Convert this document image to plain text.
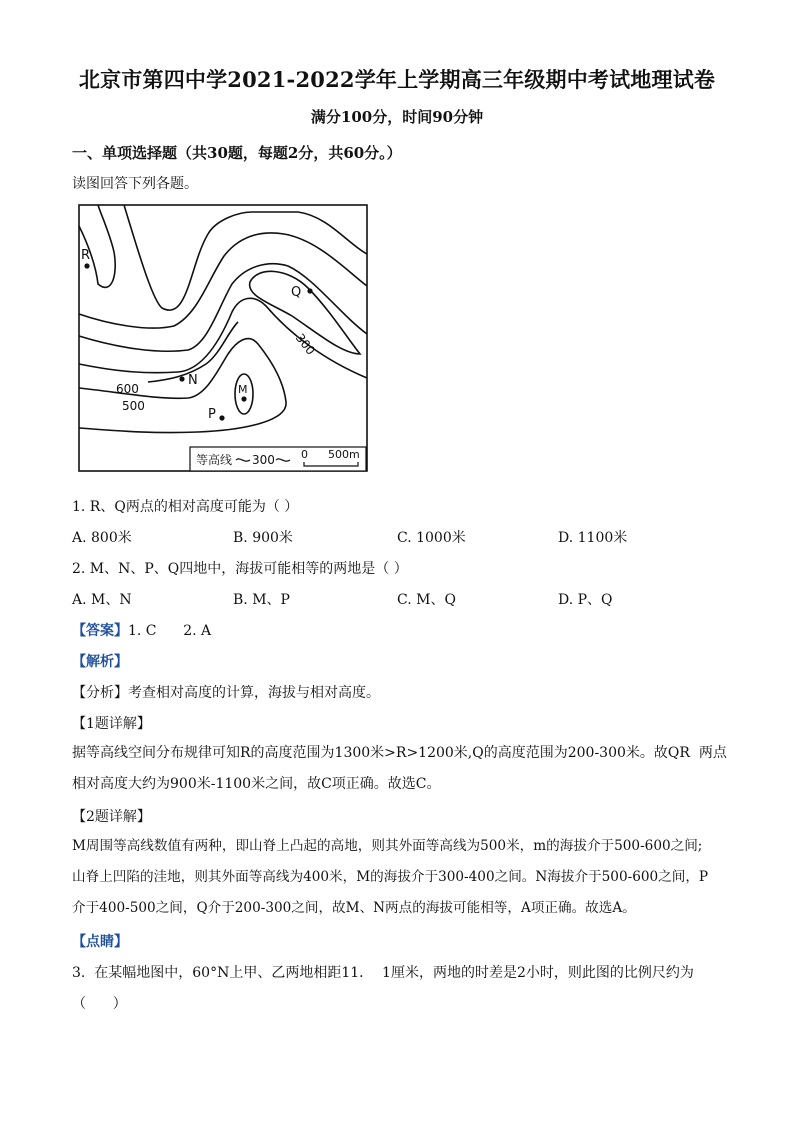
北京市第四中学2021-2022学年上学期高三年级期中考试地理试卷
满分100分，时间90分钟
一、单项选择题（共30题，每题2分，共60分。）
读图回答下列各题。
R
Q
N
M
P
300
600
500
等高线 300 0 500m
1. R、Q两点的相对高度可能为（ ）
A. 800米	B. 900米	C. 1000米	D. 1100米
2. M、N、P、Q四地中，海拔可能相等的两地是（ ）
A. M、N	B. M、P	C. M、Q	D. P、Q
【答案】1. C      2. A
【解析】
【分析】考查相对高度的计算，海拔与相对高度。
【1题详解】
据等高线空间分布规律可知R的高度范围为1300米>R>1200米,Q的高度范围为200-300米。故QR  两点
相对高度大约为900米-1100米之间，故C项正确。故选C。
【2题详解】
M周围等高线数值有两种，即山脊上凸起的高地，则其外面等高线为500米，m的海拔介于500-600之间;
山脊上凹陷的洼地，则其外面等高线为400米，M的海拔介于300-400之间。N海拔介于500-600之间，P
介于400-500之间，Q介于200-300之间，故M、N两点的海拔可能相等，A项正确。故选A。
【点睛】
3.  在某幅地图中，60°N上甲、乙两地相距11．  1厘米，两地的时差是2小时，则此图的比例尺约为
（      ）
